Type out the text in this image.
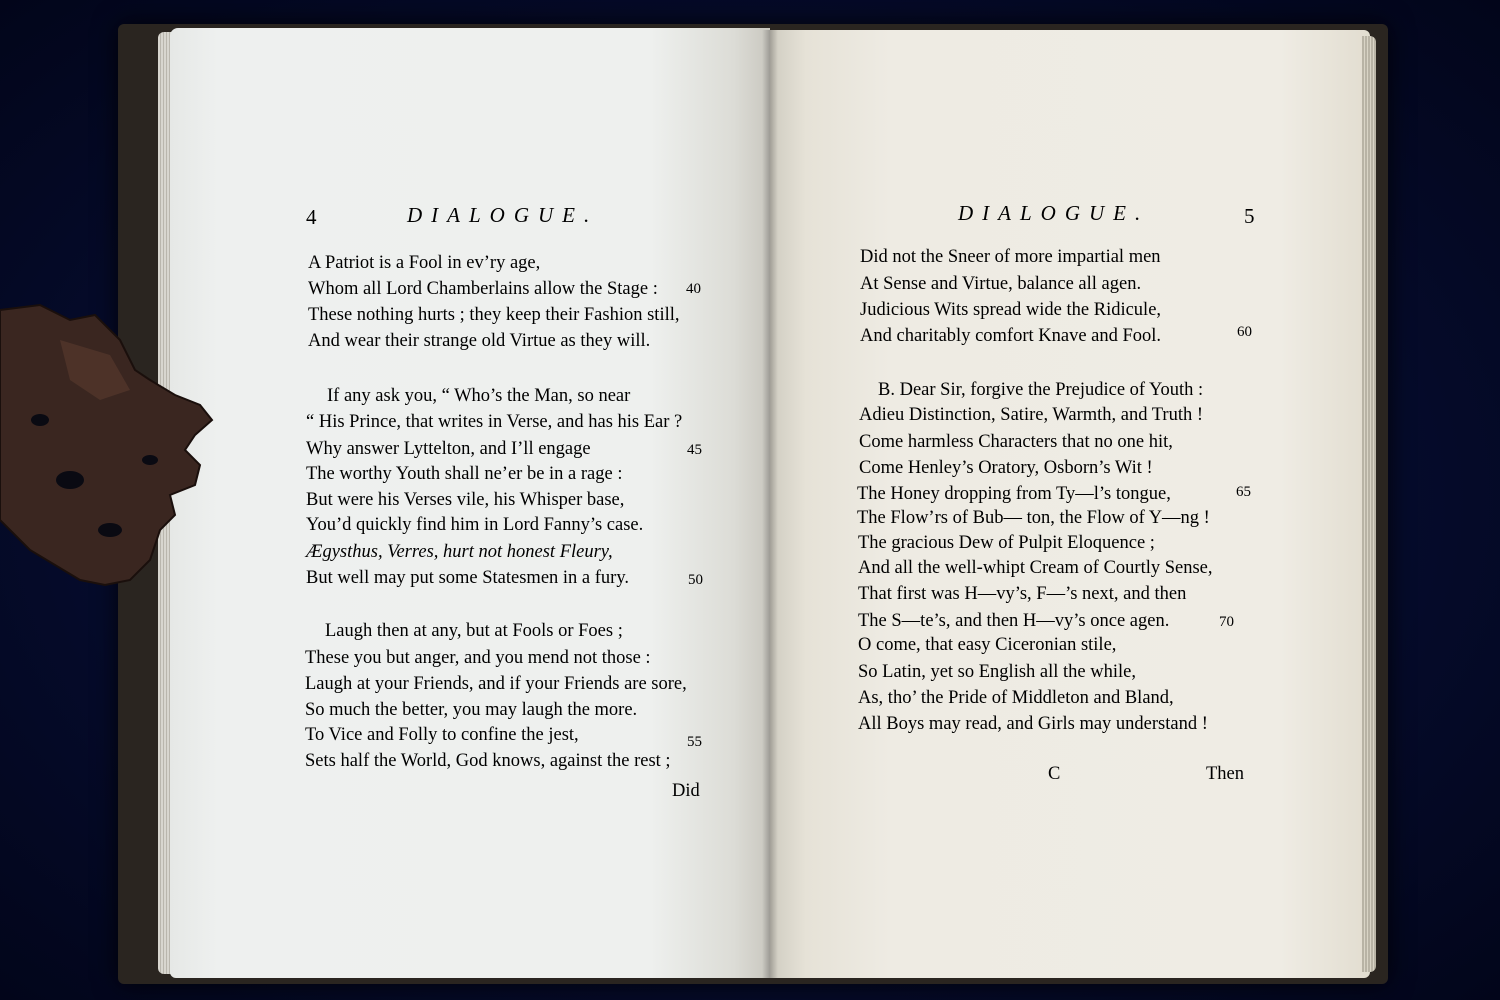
4	DIALOGUE.
A Patriot is a Fool in ev’ry age,
Whom all Lord Chamberlains allow the Stage : 40
These nothing hurts ; they keep their Fashion still,
And wear their strange old Virtue as they will.
If any ask you, “ Who’s the Man, so near
“ His Prince, that writes in Verse, and has his Ear ?
Why answer Lyttelton, and I’ll engage	45
The worthy Youth shall ne’er be in a rage :
But were his Verses vile, his Whisper base,
You’d quickly find him in Lord Fanny’s case.
Ægysthus, Verres, hurt not honest Fleury,
But well may put some Statesmen in a fury.	50
Laugh then at any, but at Fools or Foes ;
These you but anger, and you mend not those :
Laugh at your Friends, and if your Friends are sore,
So much the better, you may laugh the more.
To Vice and Folly to confine the jest,	55
Sets half the World, God knows, against the rest ;
Did
DIALOGUE.	5
Did not the Sneer of more impartial men
At Sense and Virtue, balance all agen.
Judicious Wits spread wide the Ridicule,
And charitably comfort Knave and Fool.	60
B. Dear Sir, forgive the Prejudice of Youth :
Adieu Distinction, Satire, Warmth, and Truth !
Come harmless Characters that no one hit,
Come Henley’s Oratory, Osborn’s Wit !
The Honey dropping from Ty—l’s tongue,	65
The Flow’rs of Bub— ton, the Flow of Y—ng !
The gracious Dew of Pulpit Eloquence ;
And all the well-whipt Cream of Courtly Sense,
That first was H—vy’s, F—’s next, and then
The S—te’s, and then H—vy’s once agen.	70
O come, that easy Ciceronian stile,
So Latin, yet so English all the while,
As, tho’ the Pride of Middleton and Bland,
All Boys may read, and Girls may understand !
C	Then
